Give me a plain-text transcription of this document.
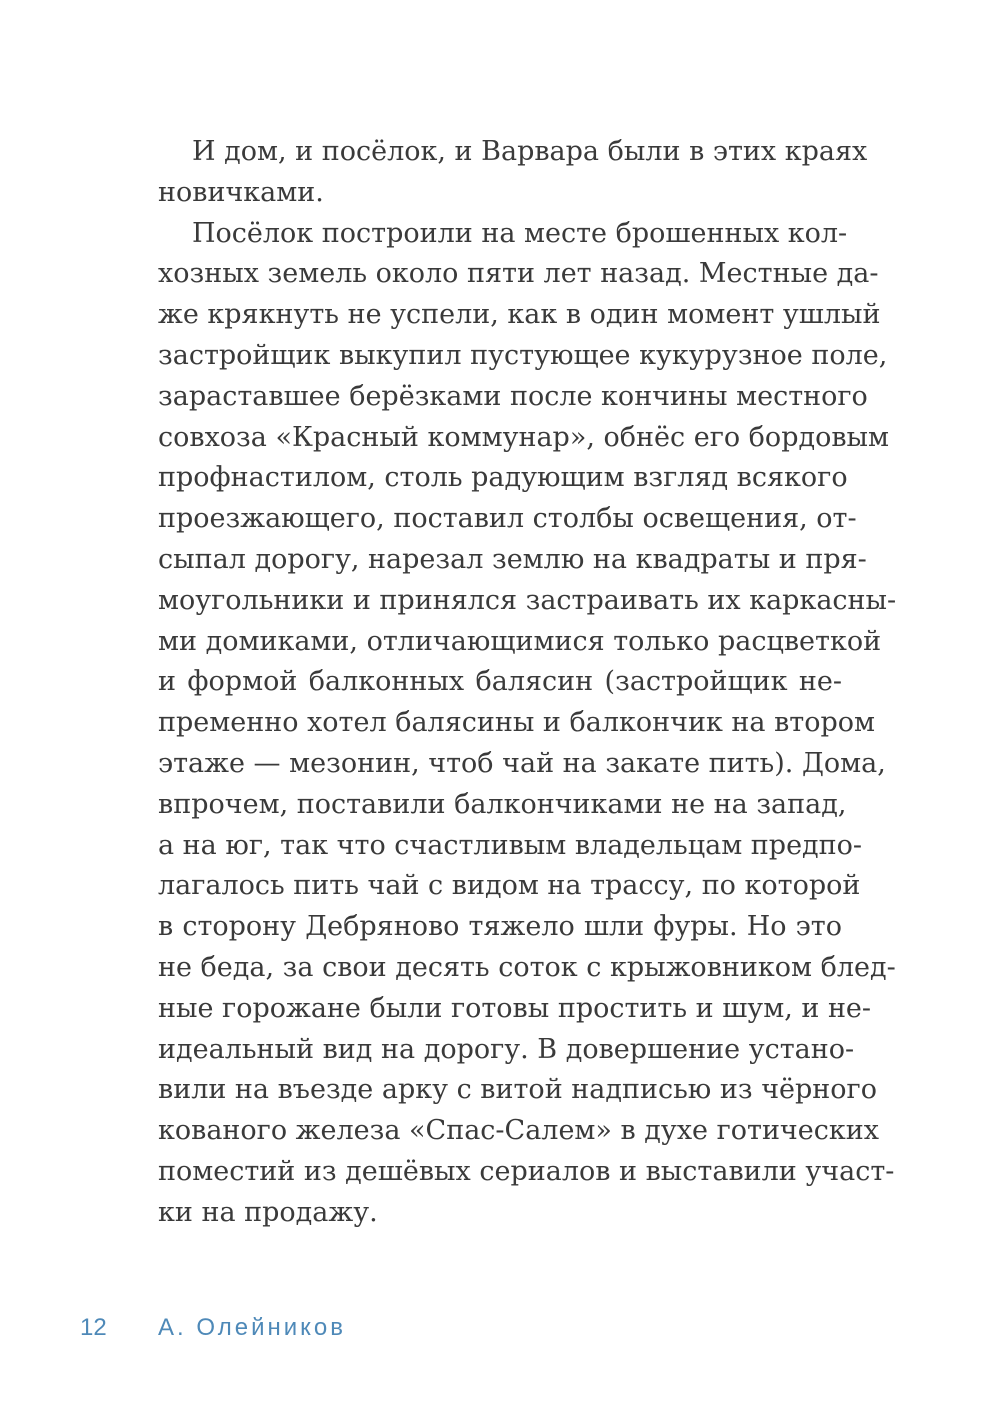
И дом, и посёлок, и Варвара были в этих краях
новичками.
Посёлок построили на месте брошенных кол-
хозных земель около пяти лет назад. Местные да-
же крякнуть не успели, как в один момент ушлый
застройщик выкупил пустующее кукурузное поле,
зараставшее берёзками после кончины местного
совхоза «Красный коммунар», обнёс его бордовым
профнастилом, столь радующим взгляд всякого
проезжающего, поставил столбы освещения, от-
сыпал дорогу, нарезал землю на квадраты и пря-
моугольники и принялся застраивать их каркасны-
ми домиками, отличающимися только расцветкой
и формой балконных балясин (застройщик не-
пременно хотел балясины и балкончик на втором
этаже — мезонин, чтоб чай на закате пить). Дома,
впрочем, поставили балкончиками не на запад,
а на юг, так что счастливым владельцам предпо-
лагалось пить чай с видом на трассу, по которой
в сторону Дебряново тяжело шли фуры. Но это
не беда, за свои десять соток с крыжовником блед-
ные горожане были готовы простить и шум, и не-
идеальный вид на дорогу. В довершение устано-
вили на въезде арку с витой надписью из чёрного
кованого железа «Спас-Салем» в духе готических
поместий из дешёвых сериалов и выставили участ-
ки на продажу.
12 А. Олейников
